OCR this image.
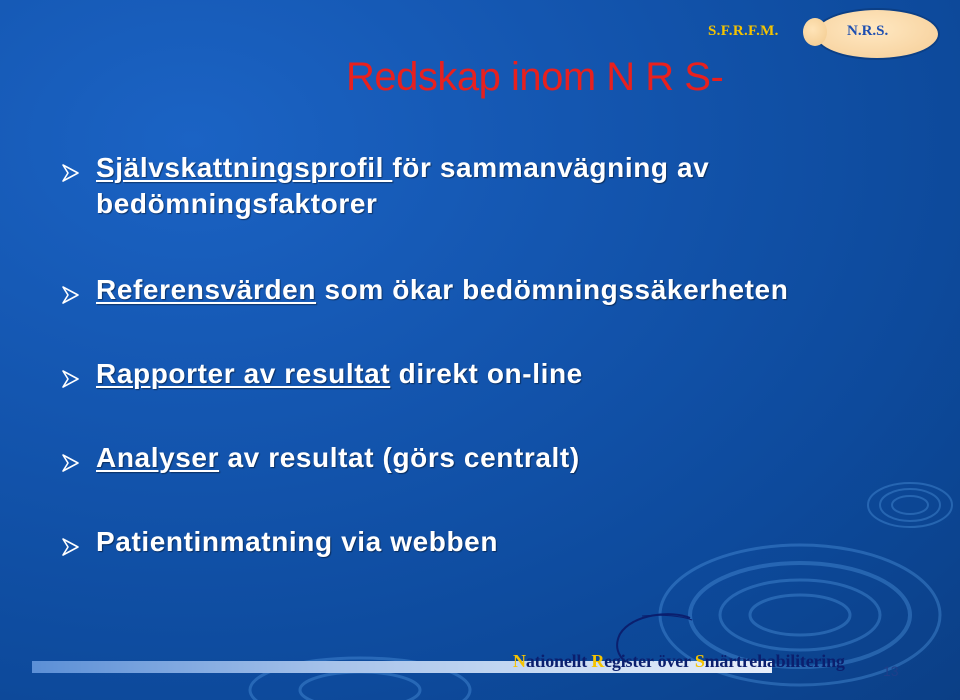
S.F.R.F.M.	N.R.S.
Redskap inom N R S-
Självskattningsprofil för sammanvägning av
bedömningsfaktorer
Referensvärden som ökar bedömningssäkerheten
Rapporter av resultat direkt on-line
Analyser av resultat (görs centralt)
Patientinmatning via webben
Nationellt Register över Smärtrehabilitering	13
